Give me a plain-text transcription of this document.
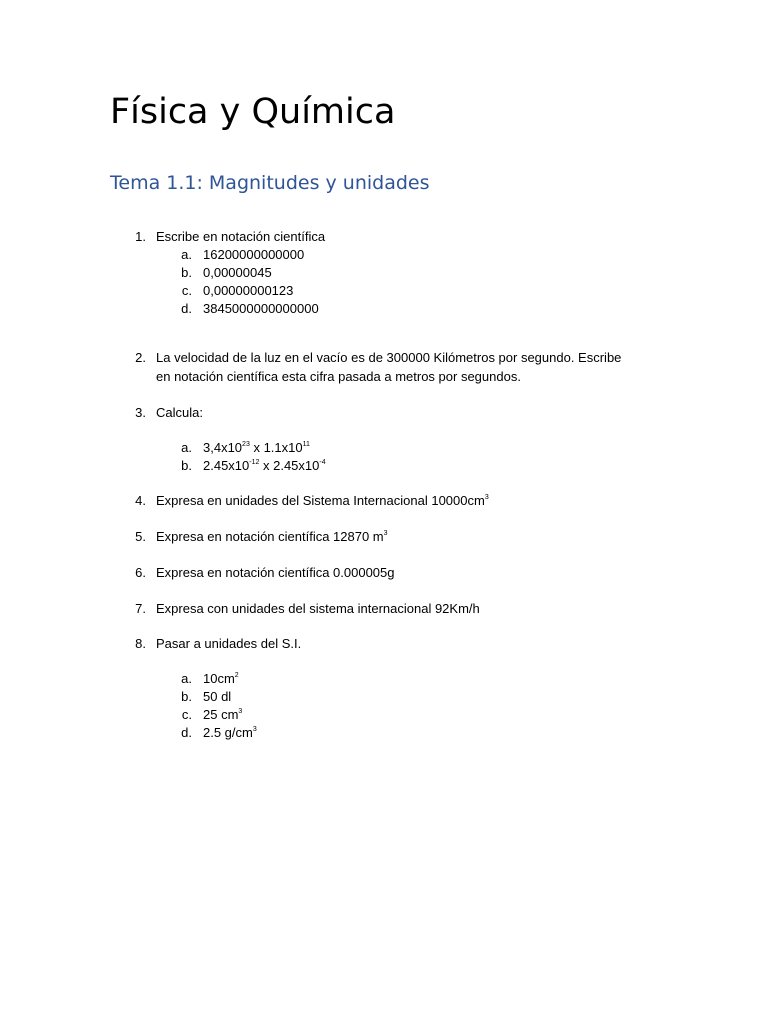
Física y Química
Tema 1.1: Magnitudes y unidades
1. Escribe en notación científica
a. 16200000000000
b. 0,00000045
c. 0,00000000123
d. 3845000000000000
2. La velocidad de la luz en el vacío es de 300000 Kilómetros por segundo. Escribe
en notación científica esta cifra pasada a metros por segundos.
3. Calcula:
a. $3,4x10^{23}$ x $1.1x10^{11}$
b. $2.45x10^{-12}$ x $2.45x10^{-4}$
4. Expresa en unidades del Sistema Internacional $10000cm^3$
5. Expresa en notación científica 12870 $m^3$
6. Expresa en notación científica 0.000005g
7. Expresa con unidades del sistema internacional 92Km/h
8. Pasar a unidades del S.I.
a. $10cm^2$
b. 50 dl
c. 25 $cm^3$
d. 2.5 $g/cm^3$
